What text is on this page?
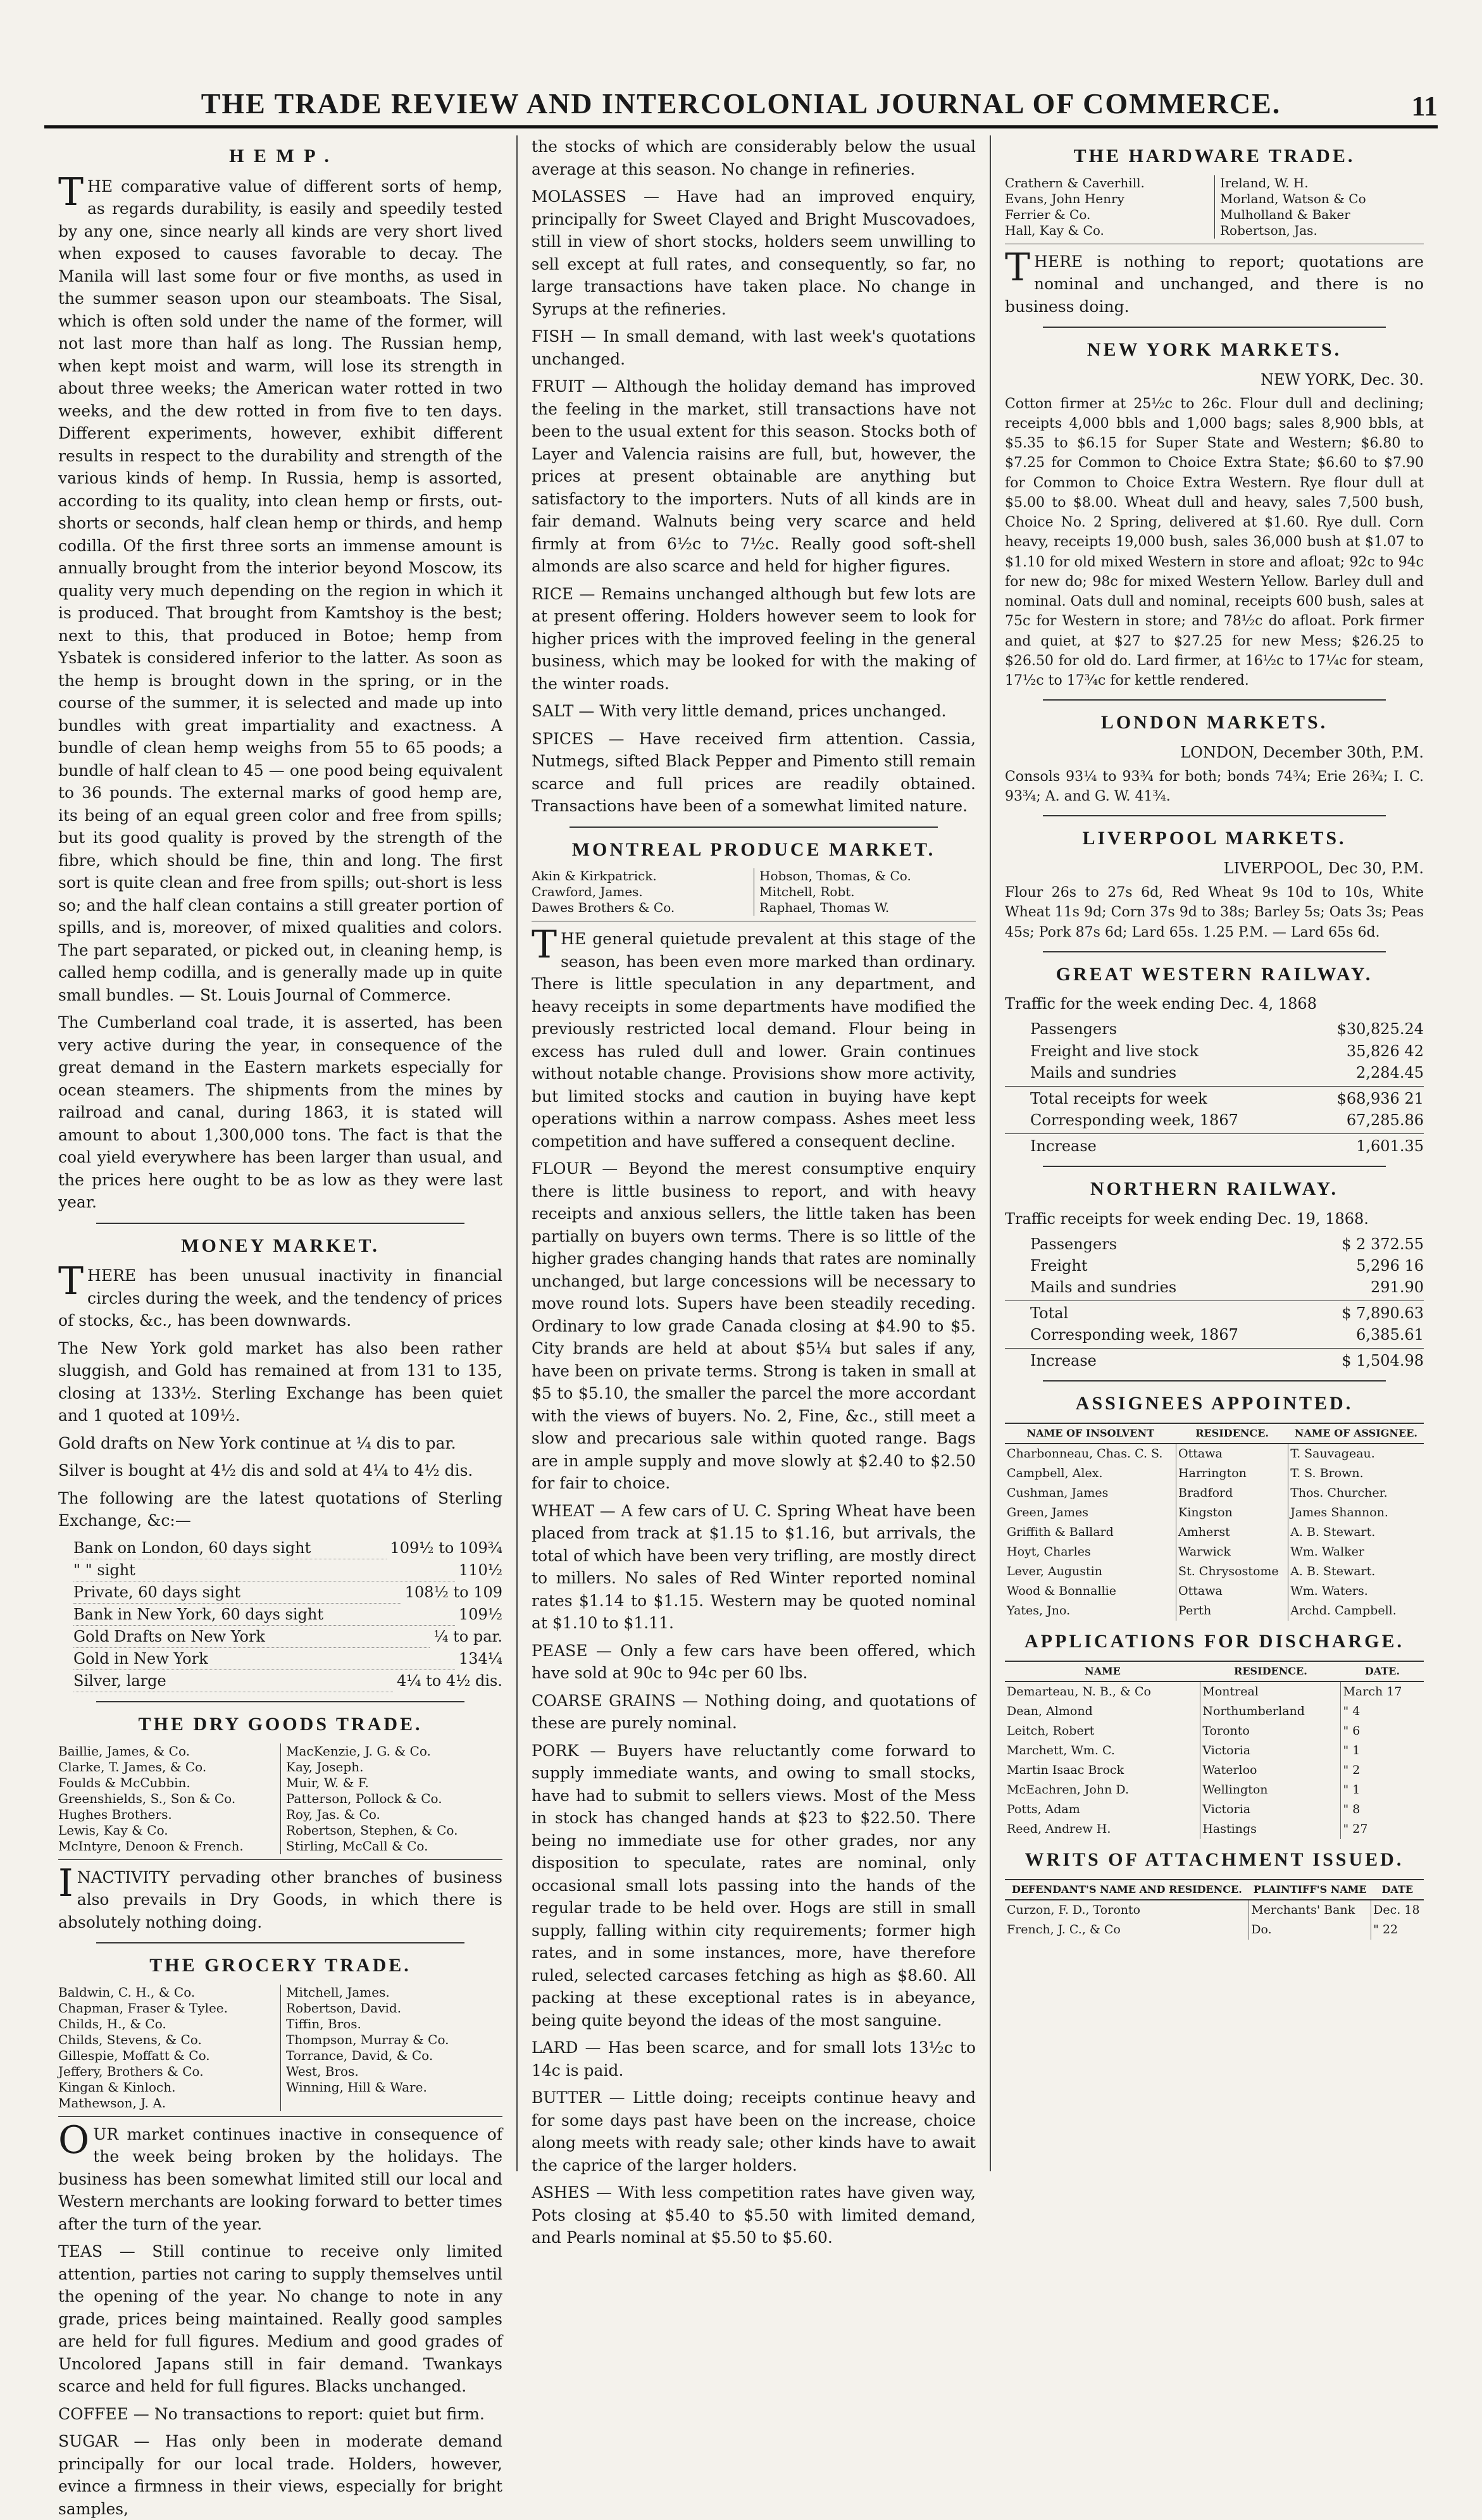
THE TRADE REVIEW AND INTERCOLONIAL JOURNAL OF COMMERCE.	11
H E M P .

THE comparative value of different sorts of hemp, as regards durability, is easily and speedily tested by any one, since nearly all kinds are very short lived when exposed to causes favorable to decay. The Manila will last some four or five months, as used in the summer season upon our steamboats. The Sisal, which is often sold under the name of the former, will not last more than half as long. The Russian hemp, when kept moist and warm, will lose its strength in about three weeks; the American water rotted in two weeks, and the dew rotted in from five to ten days. Different experiments, however, exhibit different results in respect to the durability and strength of the various kinds of hemp. In Russia, hemp is assorted, according to its quality, into clean hemp or firsts, out-shorts or seconds, half clean hemp or thirds, and hemp codilla. Of the first three sorts an immense amount is annually brought from the interior beyond Moscow, its quality very much depending on the region in which it is produced. That brought from Kamtshoy is the best; next to this, that produced in Botoe; hemp from Ysbatek is considered inferior to the latter. As soon as the hemp is brought down in the spring, or in the course of the summer, it is selected and made up into bundles with great impartiality and exactness. A bundle of clean hemp weighs from 55 to 65 poods; a bundle of half clean to 45 — one pood being equivalent to 36 pounds. The external marks of good hemp are, its being of an equal green color and free from spills; but its good quality is proved by the strength of the fibre, which should be fine, thin and long. The first sort is quite clean and free from spills; out-short is less so; and the half clean contains a still greater portion of spills, and is, moreover, of mixed qualities and colors. The part separated, or picked out, in cleaning hemp, is called hemp codilla, and is generally made up in quite small bundles. — St. Louis Journal of Commerce.

The Cumberland coal trade, it is asserted, has been very active during the year, in consequence of the great demand in the Eastern markets especially for ocean steamers. The shipments from the mines by railroad and canal, during 1863, it is stated will amount to about 1,300,000 tons. The fact is that the coal yield everywhere has been larger than usual, and the prices here ought to be as low as they were last year.

MONEY MARKET.

THERE has been unusual inactivity in financial circles during the week, and the tendency of prices of stocks, &c., has been downwards.

The New York gold market has also been rather sluggish, and Gold has remained at from 131 to 135, closing at 133½. Sterling Exchange has been quiet and 1 quoted at 109½.

Gold drafts on New York continue at ¼ dis to par.

Silver is bought at 4½ dis and sold at 4¼ to 4½ dis.

The following are the latest quotations of Sterling Exchange, &c:—

Bank on London, 60 days sight	109½ to 109¾
" " sight	110½
Private, 60 days sight	108½ to 109
Bank in New York, 60 days sight	109½
Gold Drafts on New York	¼ to par.
Gold in New York	134¼
Silver, large	4¼ to 4½ dis.
THE DRY GOODS TRADE.
Baillie, James, & Co.
Clarke, T. James, & Co.
Foulds & McCubbin.
Greenshields, S., Son & Co.
Hughes Brothers.
Lewis, Kay & Co.
McIntyre, Denoon & French.
MacKenzie, J. G. & Co.
Kay, Joseph.
Muir, W. & F.
Patterson, Pollock & Co.
Roy, Jas. & Co.
Robertson, Stephen, & Co.
Stirling, McCall & Co.

INACTIVITY pervading other branches of business also prevails in Dry Goods, in which there is absolutely nothing doing.

THE GROCERY TRADE.
Baldwin, C. H., & Co.
Chapman, Fraser & Tylee.
Childs, H., & Co.
Childs, Stevens, & Co.
Gillespie, Moffatt & Co.
Jeffery, Brothers & Co.
Kingan & Kinloch.
Mathewson, J. A.
Mitchell, James.
Robertson, David.
Tiffin, Bros.
Thompson, Murray & Co.
Torrance, David, & Co.
West, Bros.
Winning, Hill & Ware.

OUR market continues inactive in consequence of the week being broken by the holidays. The business has been somewhat limited still our local and Western merchants are looking forward to better times after the turn of the year.

TEAS — Still continue to receive only limited attention, parties not caring to supply themselves until the opening of the year. No change to note in any grade, prices being maintained. Really good samples are held for full figures. Medium and good grades of Uncolored Japans still in fair demand. Twankays scarce and held for full figures. Blacks unchanged.

COFFEE — No transactions to report: quiet but firm.

SUGAR — Has only been in moderate demand principally for our local trade. Holders, however, evince a firmness in their views, especially for bright samples,

the stocks of which are considerably below the usual average at this season. No change in refineries.

MOLASSES — Have had an improved enquiry, principally for Sweet Clayed and Bright Muscovadoes, still in view of short stocks, holders seem unwilling to sell except at full rates, and consequently, so far, no large transactions have taken place. No change in Syrups at the refineries.

FISH — In small demand, with last week's quotations unchanged.

FRUIT — Although the holiday demand has improved the feeling in the market, still transactions have not been to the usual extent for this season. Stocks both of Layer and Valencia raisins are full, but, however, the prices at present obtainable are anything but satisfactory to the importers. Nuts of all kinds are in fair demand. Walnuts being very scarce and held firmly at from 6½c to 7½c. Really good soft-shell almonds are also scarce and held for higher figures.

RICE — Remains unchanged although but few lots are at present offering. Holders however seem to look for higher prices with the improved feeling in the general business, which may be looked for with the making of the winter roads.

SALT — With very little demand, prices unchanged.

SPICES — Have received firm attention. Cassia, Nutmegs, sifted Black Pepper and Pimento still remain scarce and full prices are readily obtained. Transactions have been of a somewhat limited nature.

MONTREAL PRODUCE MARKET.
Akin & Kirkpatrick.
Crawford, James.
Dawes Brothers & Co.
Hobson, Thomas, & Co.
Mitchell, Robt.
Raphael, Thomas W.

THE general quietude prevalent at this stage of the season, has been even more marked than ordinary. There is little speculation in any department, and heavy receipts in some departments have modified the previously restricted local demand. Flour being in excess has ruled dull and lower. Grain continues without notable change. Provisions show more activity, but limited stocks and caution in buying have kept operations within a narrow compass. Ashes meet less competition and have suffered a consequent decline.

FLOUR — Beyond the merest consumptive enquiry there is little business to report, and with heavy receipts and anxious sellers, the little taken has been partially on buyers own terms. There is so little of the higher grades changing hands that rates are nominally unchanged, but large concessions will be necessary to move round lots. Supers have been steadily receding. Ordinary to low grade Canada closing at $4.90 to $5. City brands are held at about $5¼ but sales if any, have been on private terms. Strong is taken in small at $5 to $5.10, the smaller the parcel the more accordant with the views of buyers. No. 2, Fine, &c., still meet a slow and precarious sale within quoted range. Bags are in ample supply and move slowly at $2.40 to $2.50 for fair to choice.

WHEAT — A few cars of U. C. Spring Wheat have been placed from track at $1.15 to $1.16, but arrivals, the total of which have been very trifling, are mostly direct to millers. No sales of Red Winter reported nominal rates $1.14 to $1.15. Western may be quoted nominal at $1.10 to $1.11.

PEASE — Only a few cars have been offered, which have sold at 90c to 94c per 60 lbs.

COARSE GRAINS — Nothing doing, and quotations of these are purely nominal.

PORK — Buyers have reluctantly come forward to supply immediate wants, and owing to small stocks, have had to submit to sellers views. Most of the Mess in stock has changed hands at $23 to $22.50. There being no immediate use for other grades, nor any disposition to speculate, rates are nominal, only occasional small lots passing into the hands of the regular trade to be held over. Hogs are still in small supply, falling within city requirements; former high rates, and in some instances, more, have therefore ruled, selected carcases fetching as high as $8.60. All packing at these exceptional rates is in abeyance, being quite beyond the ideas of the most sanguine.

LARD — Has been scarce, and for small lots 13½c to 14c is paid.

BUTTER — Little doing; receipts continue heavy and for some days past have been on the increase, choice along meets with ready sale; other kinds have to await the caprice of the larger holders.

ASHES — With less competition rates have given way, Pots closing at $5.40 to $5.50 with limited demand, and Pearls nominal at $5.50 to $5.60.

THE HARDWARE TRADE.
Crathern & Caverhill.
Evans, John Henry
Ferrier & Co.
Hall, Kay & Co.
Ireland, W. H.
Morland, Watson & Co
Mulholland & Baker
Robertson, Jas.

THERE is nothing to report; quotations are nominal and unchanged, and there is no business doing.

NEW YORK MARKETS.
NEW YORK, Dec. 30.

Cotton firmer at 25½c to 26c. Flour dull and declining; receipts 4,000 bbls and 1,000 bags; sales 8,900 bbls, at $5.35 to $6.15 for Super State and Western; $6.80 to $7.25 for Common to Choice Extra State; $6.60 to $7.90 for Common to Choice Extra Western. Rye flour dull at $5.00 to $8.00. Wheat dull and heavy, sales 7,500 bush, Choice No. 2 Spring, delivered at $1.60. Rye dull. Corn heavy, receipts 19,000 bush, sales 36,000 bush at $1.07 to $1.10 for old mixed Western in store and afloat; 92c to 94c for new do; 98c for mixed Western Yellow. Barley dull and nominal. Oats dull and nominal, receipts 600 bush, sales at 75c for Western in store; and 78½c do afloat. Pork firmer and quiet, at $27 to $27.25 for new Mess; $26.25 to $26.50 for old do. Lard firmer, at 16½c to 17¼c for steam, 17½c to 17¾c for kettle rendered.

LONDON MARKETS.
LONDON, December 30th, P.M.

Consols 93¼ to 93¾ for both; bonds 74¾; Erie 26¾; I. C. 93¾; A. and G. W. 41¾.

LIVERPOOL MARKETS.
LIVERPOOL, Dec 30, P.M.

Flour 26s to 27s 6d, Red Wheat 9s 10d to 10s, White Wheat 11s 9d; Corn 37s 9d to 38s; Barley 5s; Oats 3s; Peas 45s; Pork 87s 6d; Lard 65s. 1.25 P.M. — Lard 65s 6d.

GREAT WESTERN RAILWAY.
Traffic for the week ending Dec. 4, 1868
Passengers	$30,825.24
Freight and live stock	35,826 42
Mails and sundries	2,284.45
Total receipts for week	$68,936 21
Corresponding week, 1867	67,285.86
Increase	1,601.35
NORTHERN RAILWAY.
Traffic receipts for week ending Dec. 19, 1868.
Passengers	$ 2 372.55
Freight	5,296 16
Mails and sundries	291.90
Total	$ 7,890.63
Corresponding week, 1867	6,385.61
Increase	$ 1,504.98
ASSIGNEES APPOINTED.
NAME OF INSOLVENT	RESIDENCE.	NAME OF ASSIGNEE.
Charbonneau, Chas. C. S.	Ottawa	T. Sauvageau.
Campbell, Alex.	Harrington	T. S. Brown.
Cushman, James	Bradford	Thos. Churcher.
Green, James	Kingston	James Shannon.
Griffith & Ballard	Amherst	A. B. Stewart.
Hoyt, Charles	Warwick	Wm. Walker
Lever, Augustin	St. Chrysostome	A. B. Stewart.
Wood & Bonnallie	Ottawa	Wm. Waters.
Yates, Jno.	Perth	Archd. Campbell.
APPLICATIONS FOR DISCHARGE.
NAME	RESIDENCE.	DATE.
Demarteau, N. B., & Co	Montreal	March 17
Dean, Almond	Northumberland	" 4
Leitch, Robert	Toronto	" 6
Marchett, Wm. C.	Victoria	" 1
Martin Isaac Brock	Waterloo	" 2
McEachren, John D.	Wellington	" 1
Potts, Adam	Victoria	" 8
Reed, Andrew H.	Hastings	" 27
WRITS OF ATTACHMENT ISSUED.
DEFENDANT'S NAME AND RESIDENCE.	PLAINTIFF'S NAME	DATE
Curzon, F. D., Toronto	Merchants' Bank	Dec. 18
French, J. C., & Co	Do.	" 22
